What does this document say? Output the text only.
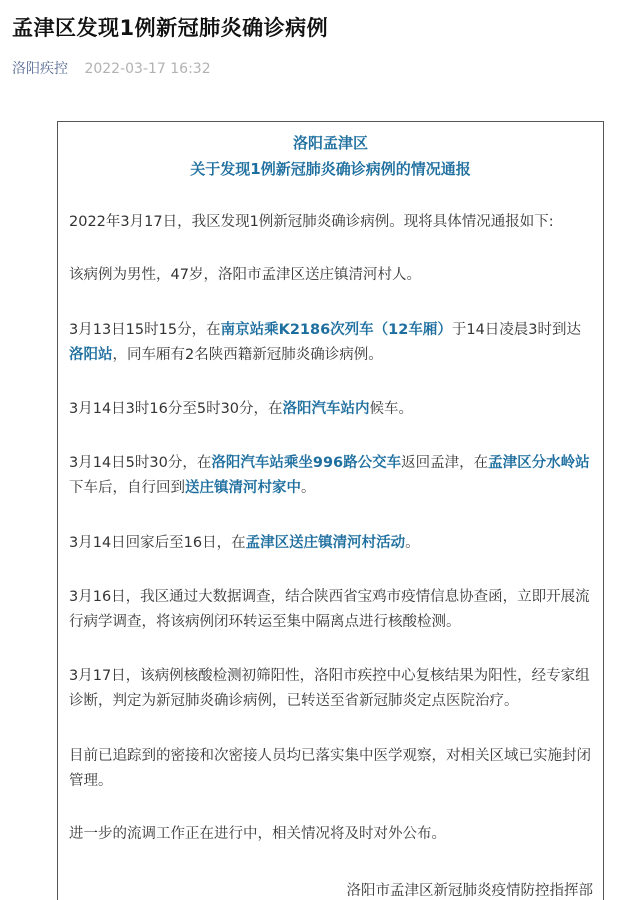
孟津区发现1例新冠肺炎确诊病例
洛阳疾控 2022-03-17 16:32
洛阳孟津区
关于发现1例新冠肺炎确诊病例的情况通报
2022年3月17日，我区发现1例新冠肺炎确诊病例。现将具体情况通报如下:
该病例为男性，47岁，洛阳市孟津区送庄镇清河村人。
3月13日15时15分，在南京站乘K2186次列车（12车厢）于14日凌晨3时到达洛阳站，同车厢有2名陕西籍新冠肺炎确诊病例。
3月14日3时16分至5时30分，在洛阳汽车站内候车。
3月14日5时30分，在洛阳汽车站乘坐996路公交车返回孟津，在孟津区分水岭站下车后，自行回到送庄镇清河村家中。
3月14日回家后至16日，在孟津区送庄镇清河村活动。
3月16日，我区通过大数据调查，结合陕西省宝鸡市疫情信息协查函，立即开展流行病学调查，将该病例闭环转运至集中隔离点进行核酸检测。
3月17日，该病例核酸检测初筛阳性，洛阳市疾控中心复核结果为阳性，经专家组诊断，判定为新冠肺炎确诊病例，已转送至省新冠肺炎定点医院治疗。
目前已追踪到的密接和次密接人员均已落实集中医学观察，对相关区域已实施封闭管理。
进一步的流调工作正在进行中，相关情况将及时对外公布。
洛阳市孟津区新冠肺炎疫情防控指挥部
